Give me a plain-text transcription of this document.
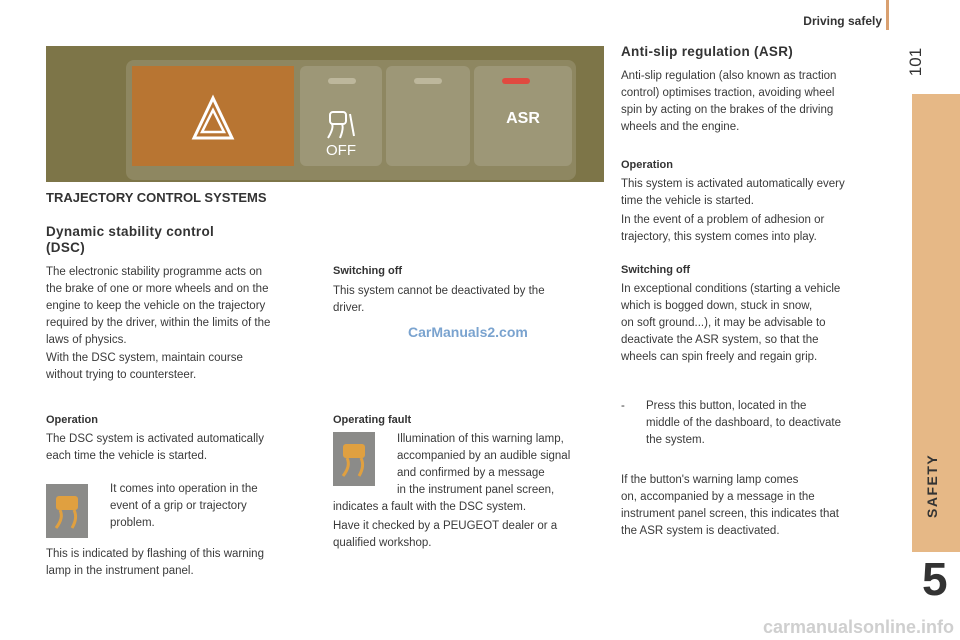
Driving safely
101
SAFETY
5
OFF
ASR
TRAJECTORY CONTROL SYSTEMS
Dynamic stability control
(DSC)
The electronic stability programme acts on
the brake of one or more wheels and on the
engine to keep the vehicle on the trajectory
required by the driver, within the limits of the
laws of physics.
With the DSC system, maintain course
without trying to countersteer.
Operation
The DSC system is activated automatically
each time the vehicle is started.
It comes into operation in the
event of a grip or trajectory
problem.
This is indicated by flashing of this warning
lamp in the instrument panel.
Switching off
This system cannot be deactivated by the
driver.
CarManuals2.com
Operating fault
Illumination of this warning lamp,
accompanied by an audible signal
and confirmed by a message
in the instrument panel screen,
indicates a fault with the DSC system.
Have it checked by a PEUGEOT dealer or a
qualified workshop.
Anti-slip regulation (ASR)
Anti-slip regulation (also known as traction
control) optimises traction, avoiding wheel
spin by acting on the brakes of the driving
wheels and the engine.
Operation
This system is activated automatically every
time the vehicle is started.
In the event of a problem of adhesion or
trajectory, this system comes into play.
Switching off
In exceptional conditions (starting a vehicle
which is bogged down, stuck in snow,
on soft ground...), it may be advisable to
deactivate the ASR system, so that the
wheels can spin freely and regain grip.
- Press this button, located in the
middle of the dashboard, to deactivate
the system.
If the button's warning lamp comes
on, accompanied by a message in the
instrument panel screen, this indicates that
the ASR system is deactivated.
carmanualsonline.info
